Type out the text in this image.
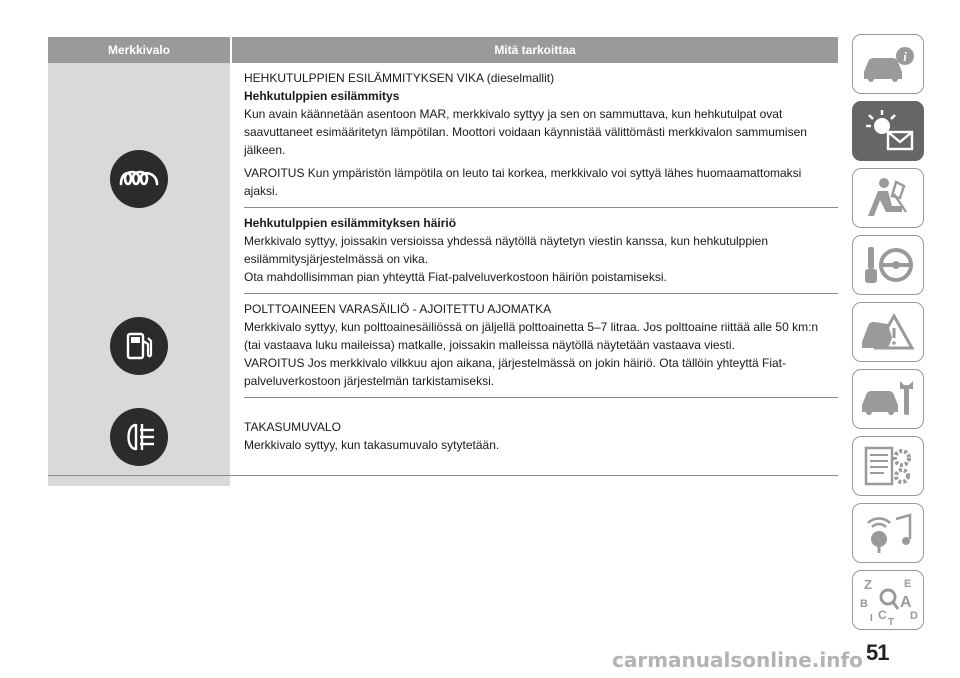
Merkkivalo	Mitä tarkoittaa

HEHKUTULPPIEN ESILÄMMITYKSEN VIKA (dieselmallit)

Hehkutulppien esilämmitys

Kun avain käännetään asentoon MAR, merkkivalo syttyy ja sen on sammuttava, kun hehkutulpat ovat saavuttaneet esimääritetyn lämpötilan. Moottori voidaan käynnistää välittömästi merkkivalon sammumisen jälkeen.

VAROITUS Kun ympäristön lämpötila on leuto tai korkea, merkkivalo voi syttyä lähes huomaamattomaksi ajaksi.

Hehkutulppien esilämmityksen häiriö

Merkkivalo syttyy, joissakin versioissa yhdessä näytöllä näytetyn viestin kanssa, kun hehkutulppien esilämmitysjärjestelmässä on vika.

Ota mahdollisimman pian yhteyttä Fiat-palveluverkostoon häiriön poistamiseksi.

POLTTOAINEEN VARASÄILIÖ - AJOITETTU AJOMATKA

Merkkivalo syttyy, kun polttoainesäiliössä on jäljellä polttoainetta 5–7 litraa. Jos polttoaine riittää alle 50 km:n (tai vastaava luku maileissa) matkalle, joissakin malleissa näytöllä näytetään vastaava viesti.

VAROITUS Jos merkkivalo vilkkuu ajon aikana, järjestelmässä on jokin häiriö. Ota tällöin yhteyttä Fiat-palveluverkostoon järjestelmän tarkistamiseksi.

TAKASUMUVALO

Merkkivalo syttyy, kun takasumuvalo sytytetään.

i
Z	E
B A
C D
T
I
51
carmanualsonline.info
